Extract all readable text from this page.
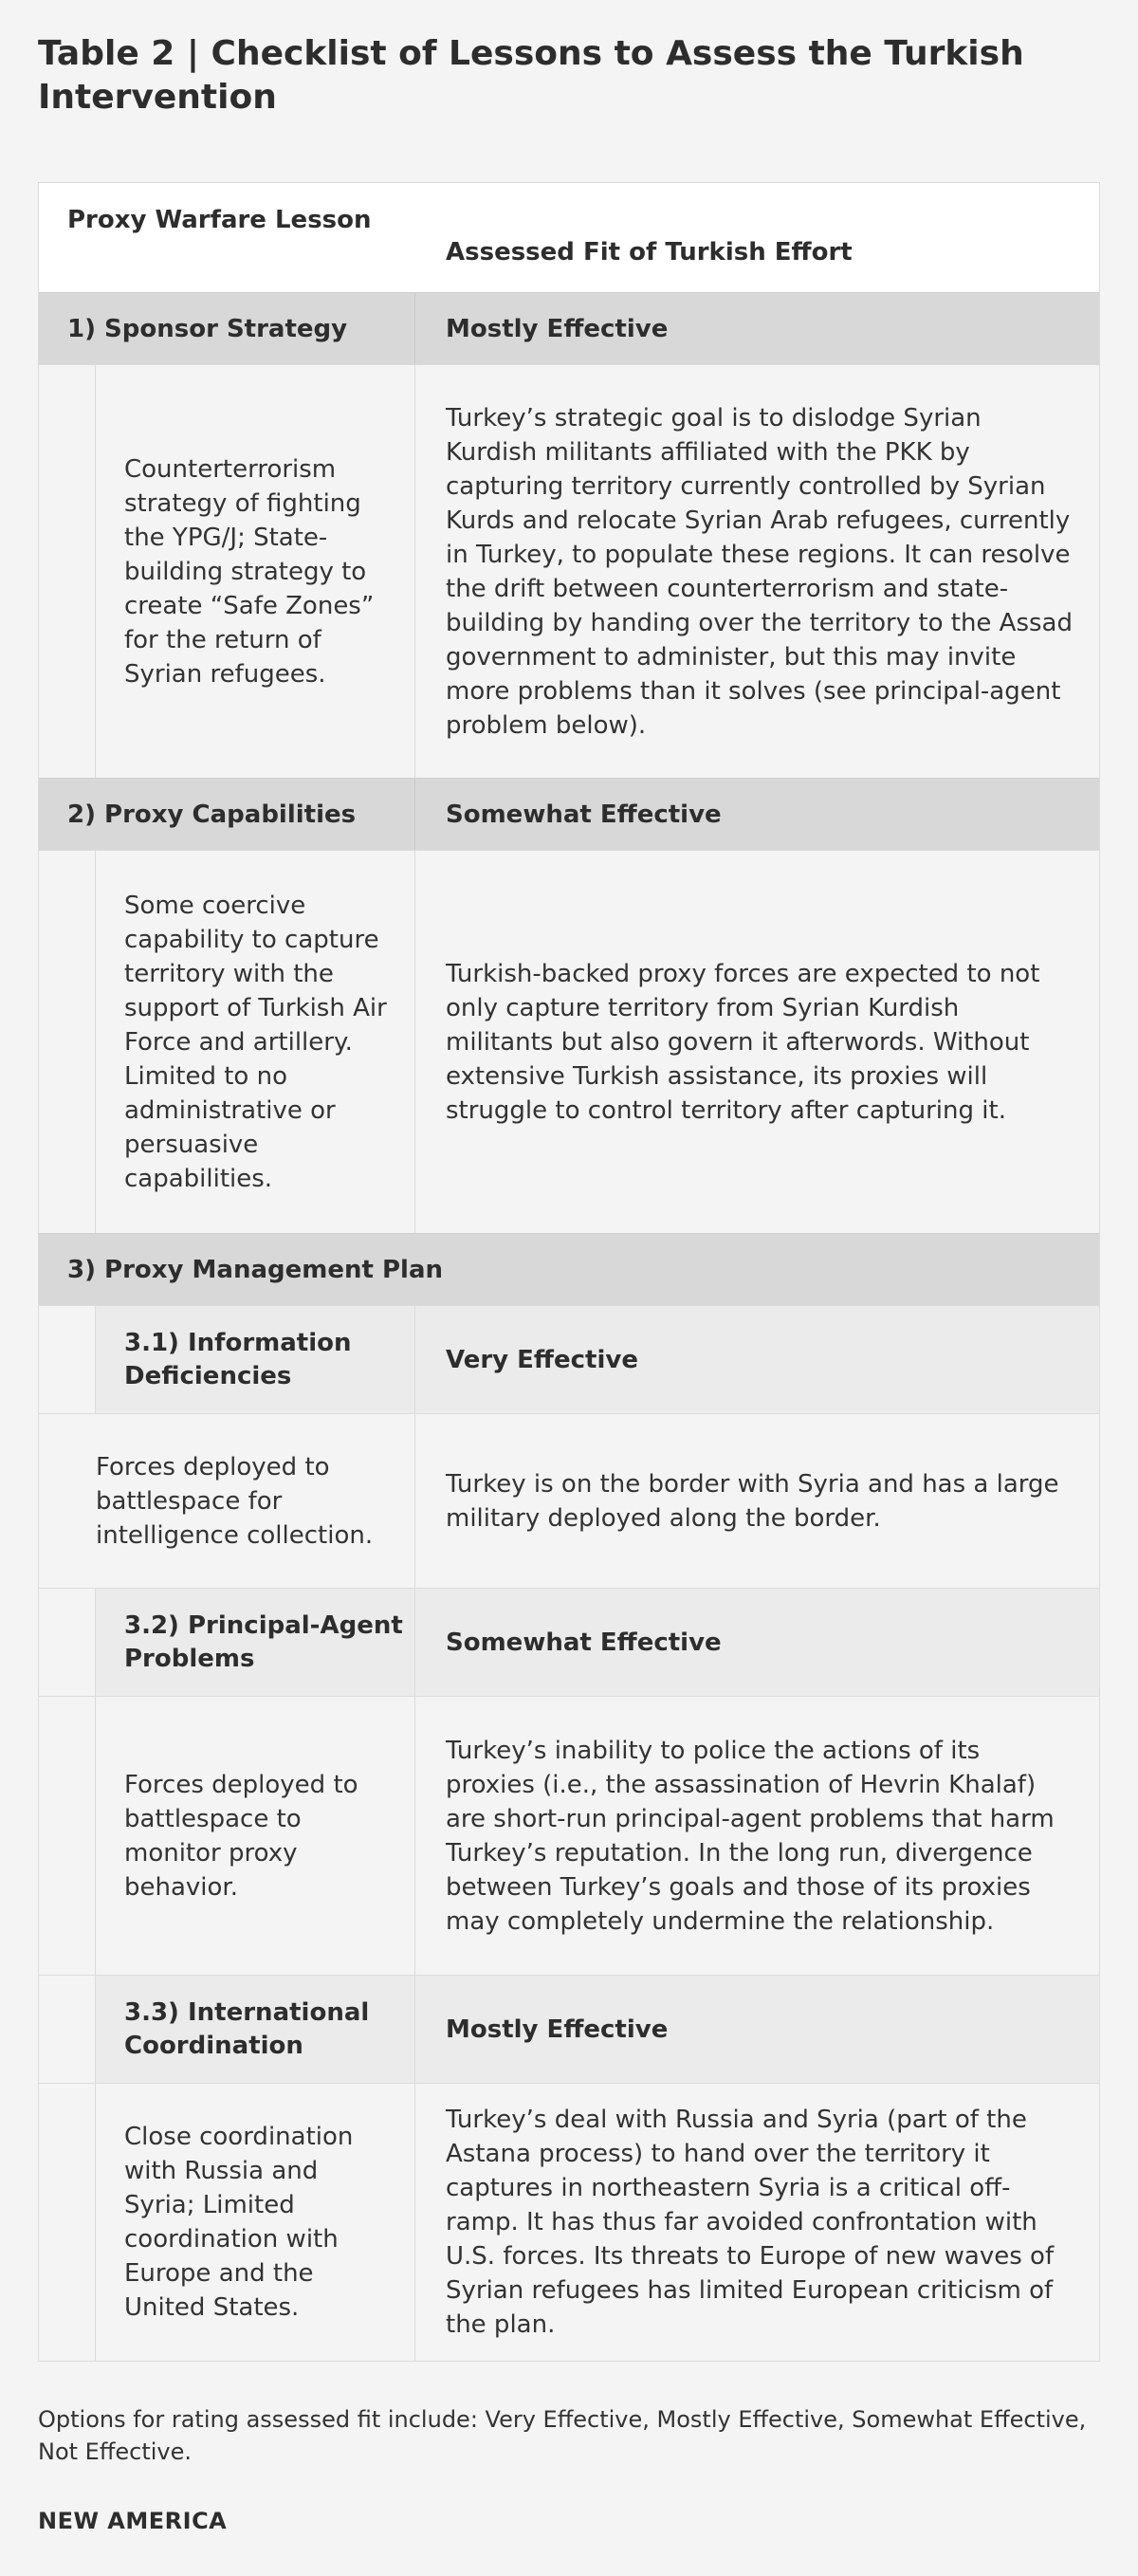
Table 2 | Checklist of Lessons to Assess the Turkish Intervention
Proxy Warfare Lesson
Assessed Fit of Turkish Effort
1) Sponsor Strategy	Mostly Effective
Counterterrorism strategy of fighting the YPG/J; State-building strategy to create “Safe Zones” for the return of Syrian refugees.
Turkey’s strategic goal is to dislodge Syrian Kurdish militants affiliated with the PKK by capturing territory currently controlled by Syrian Kurds and relocate Syrian Arab refugees, currently in Turkey, to populate these regions. It can resolve the drift between counterterrorism and state-building by handing over the territory to the Assad government to administer, but this may invite more problems than it solves (see principal-agent problem below).
2) Proxy Capabilities	Somewhat Effective
Some coercive capability to capture territory with the support of Turkish Air Force and artillery. Limited to no administrative or persuasive capabilities.
Turkish-backed proxy forces are expected to not only capture territory from Syrian Kurdish militants but also govern it afterwords. Without extensive Turkish assistance, its proxies will struggle to control territory after capturing it.
3) Proxy Management Plan
3.1) Information Deficiencies
Very Effective
Forces deployed to battlespace for intelligence collection.
Turkey is on the border with Syria and has a large military deployed along the border.
3.2) Principal-Agent Problems
Somewhat Effective
Forces deployed to battlespace to monitor proxy behavior.
Turkey’s inability to police the actions of its proxies (i.e., the assassination of Hevrin Khalaf) are short-run principal-agent problems that harm Turkey’s reputation. In the long run, divergence between Turkey’s goals and those of its proxies may completely undermine the relationship.
3.3) International Coordination
Mostly Effective
Close coordination with Russia and Syria; Limited coordination with Europe and the United States.
Turkey’s deal with Russia and Syria (part of the Astana process) to hand over the territory it captures in northeastern Syria is a critical off-ramp. It has thus far avoided confrontation with U.S. forces. Its threats to Europe of new waves of Syrian refugees has limited European criticism of the plan.
Options for rating assessed fit include: Very Effective, Mostly Effective, Somewhat Effective, Not Effective.
NEW AMERICA
